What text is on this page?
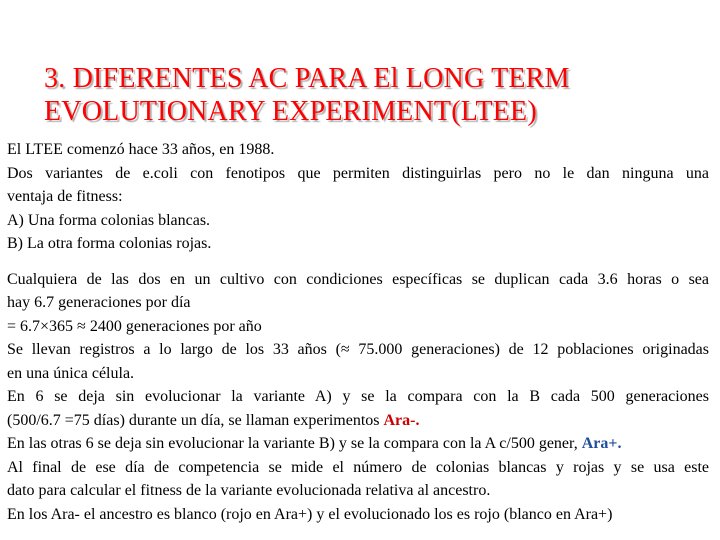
3. DIFERENTES AC PARA El LONG TERM
EVOLUTIONARY EXPERIMENT(LTEE)

El LTEE comenzó hace 33 años, en 1988.
Dos variantes de e.coli con fenotipos que permiten distinguirlas pero no le dan ninguna una
ventaja de fitness:
A) Una forma colonias blancas.
B) La otra forma colonias rojas.

Cualquiera de las dos en un cultivo con condiciones específicas se duplican cada 3.6 horas o sea
hay 6.7 generaciones por día
= 6.7×365 ≈ 2400 generaciones por año
Se llevan registros a lo largo de los 33 años (≈ 75.000 generaciones) de 12 poblaciones originadas
en una única célula.
En 6 se deja sin evolucionar la variante A) y se la compara con la B cada 500 generaciones
(500/6.7 =75 días) durante un día, se llaman experimentos Ara-.
En las otras 6 se deja sin evolucionar la variante B) y se la compara con la A c/500 gener, Ara+.
Al final de ese día de competencia se mide el número de colonias blancas y rojas y se usa este
dato para calcular el fitness de la variante evolucionada relativa al ancestro.
En los Ara- el ancestro es blanco (rojo en Ara+) y el evolucionado los es rojo (blanco en Ara+)
